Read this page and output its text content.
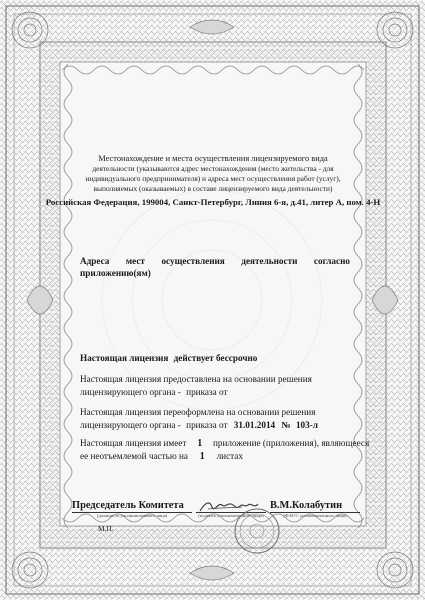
Местонахождение и места осуществления лицензируемого вида
деятельности (указываются адрес местонахождения (место жительства - для
индивидуального предпринимателя) и адреса мест осуществления работ (услуг),
выполняемых (оказываемых) в составе лицензируемого вида деятельности)
Российская Федерация, 199004, Санкт-Петербург, Линия 6-я, д.41, литер А, пом. 4-Н
Адреса мест осуществления деятельности согласно
приложению(ям)
Настоящая лицензия действует бессрочно
Настоящая лицензия предоставлена на основании решения
лицензирующего органа - приказа от
Настоящая лицензия переоформлена на основании решения
лицензирующего органа - приказа от 31.01.2014 № 103-л
Настоящая лицензия имеет 1 приложение (приложения), являющееся
ее неотъемлемой частью на 1 листах
Председатель Комитета
(должность уполномоченного лица)	(подпись уполномоченного лица)
В.М.Колабутин
(Ф.И.О. уполномоченного лица)
М.П.
